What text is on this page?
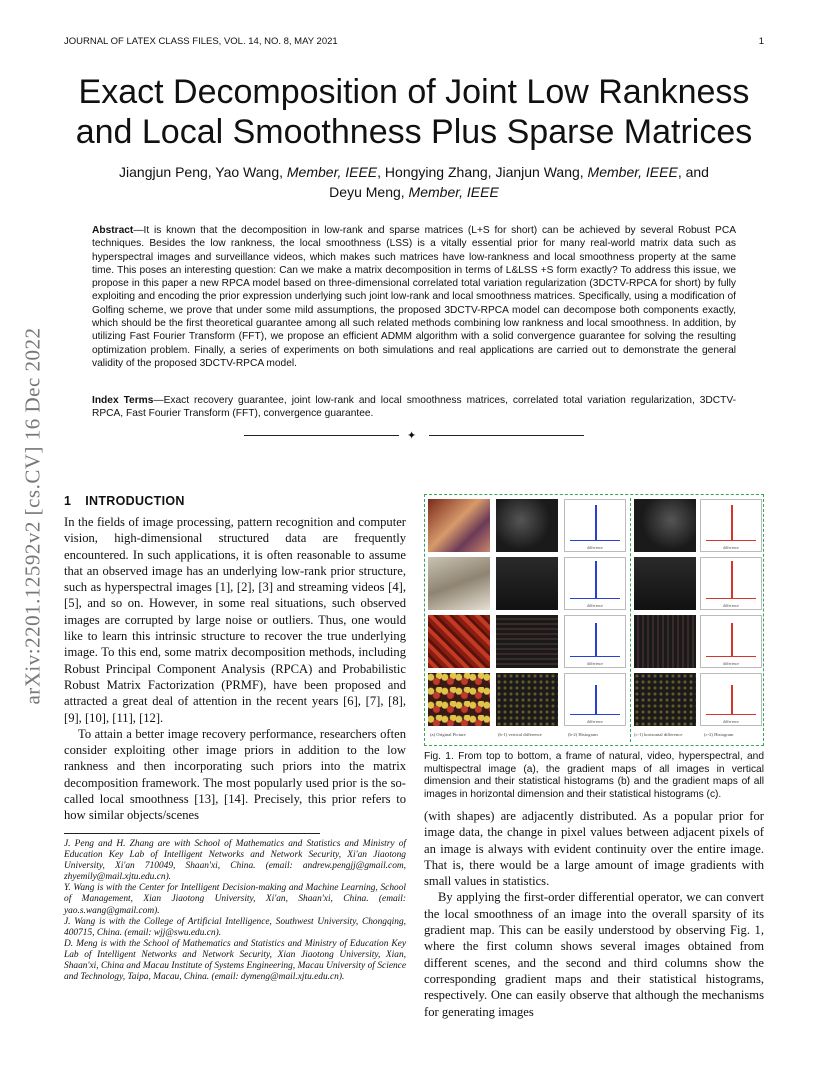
JOURNAL OF LATEX CLASS FILES, VOL. 14, NO. 8, MAY 2021	1
Exact Decomposition of Joint Low Rankness and Local Smoothness Plus Sparse Matrices
Jiangjun Peng, Yao Wang, Member, IEEE, Hongying Zhang, Jianjun Wang, Member, IEEE, and
Deyu Meng, Member, IEEE
Abstract—It is known that the decomposition in low-rank and sparse matrices (L+S for short) can be achieved by several Robust PCA techniques. Besides the low rankness, the local smoothness (LSS) is a vitally essential prior for many real-world matrix data such as hyperspectral images and surveillance videos, which makes such matrices have low-rankness and local smoothness property at the same time. This poses an interesting question: Can we make a matrix decomposition in terms of L&LSS +S form exactly? To address this issue, we propose in this paper a new RPCA model based on three-dimensional correlated total variation regularization (3DCTV-RPCA for short) by fully exploiting and encoding the prior expression underlying such joint low-rank and local smoothness matrices. Specifically, using a modification of Golfing scheme, we prove that under some mild assumptions, the proposed 3DCTV-RPCA model can decompose both components exactly, which should be the first theoretical guarantee among all such related methods combining low rankness and local smoothness. In addition, by utilizing Fast Fourier Transform (FFT), we propose an efficient ADMM algorithm with a solid convergence guarantee for solving the resulting optimization problem. Finally, a series of experiments on both simulations and real applications are carried out to demonstrate the general validity of the proposed 3DCTV-RPCA model.
Index Terms—Exact recovery guarantee, joint low-rank and local smoothness matrices, correlated total variation regularization, 3DCTV-RPCA, Fast Fourier Transform (FFT), convergence guarantee.
✦
arXiv:2201.12592v2 [cs.CV] 16 Dec 2022 1 INTRODUCTION

In the fields of image processing, pattern recognition and computer vision, high-dimensional structured data are frequently encountered. In such applications, it is often reasonable to assume that an observed image has an underlying low-rank prior structure, such as hyperspectral images [1], [2], [3] and streaming videos [4], [5], and so on. However, in some real situations, such observed images are corrupted by large noise or outliers. Thus, one would like to learn this intrinsic structure to recover the true underlying image. To this end, some matrix decomposition methods, including Robust Principal Component Analysis (RPCA) and Probabilistic Robust Matrix Factorization (PRMF), have been proposed and attracted a great deal of attention in the recent years [6], [7], [8], [9], [10], [11], [12].

To attain a better image recovery performance, researchers often consider exploiting other image priors in addition to the low rankness and then incorporating such priors into the matrix decomposition framework. The most popularly used prior is the so-called local smoothness [13], [14]. Precisely, this prior refers to how similar objects/scenes

J. Peng and H. Zhang are with School of Mathematics and Statistics and Ministry of Education Key Lab of Intelligent Networks and Network Security, Xi'an Jiaotong University, Xi'an 710049, Shaan'xi, China. (email: andrew.pengjj@gmail.com, zhyemily@mail.xjtu.edu.cn).

Y. Wang is with the Center for Intelligent Decision-making and Machine Learning, School of Management, Xian Jiaotong University, Xi'an, Shaan'xi, China. (email: yao.s.wang@gmail.com).

J. Wang is with the College of Artificial Intelligence, Southwest University, Chongqing, 400715, China. (email: wjj@swu.edu.cn).

D. Meng is with the School of Mathematics and Statistics and Ministry of Education Key Lab of Intelligent Networks and Network Security, Xian Jiaotong University, Xian, Shaan'xi, China and Macau Institute of Systems Engineering, Macau University of Science and Technology, Taipa, Macau, China. (email: dymeng@mail.xjtu.edu.cn).

difference	difference
difference	difference
difference	difference
difference	difference
(a) Original Picture	(b-1) vertical difference	(b-2) Histogram	(c-1) horizontal difference	(c-2) Histogram
Fig. 1. From top to bottom, a frame of natural, video, hyperspectral, and multispectral image (a), the gradient maps of all images in vertical dimension and their statistical histograms (b) and the gradient maps of all images in horizontal dimension and their statistical histograms (c).

(with shapes) are adjacently distributed. As a popular prior for image data, the change in pixel values between adjacent pixels of an image is always with evident continuity over the entire image. That is, there would be a large amount of image gradients with small values in statistics.

By applying the first-order differential operator, we can convert the local smoothness of an image into the overall sparsity of its gradient map. This can be easily understood by observing Fig. 1, where the first column shows several images obtained from different scenes, and the second and third columns show the corresponding gradient maps and their statistical histograms, respectively. One can easily observe that although the mechanisms for generating images
